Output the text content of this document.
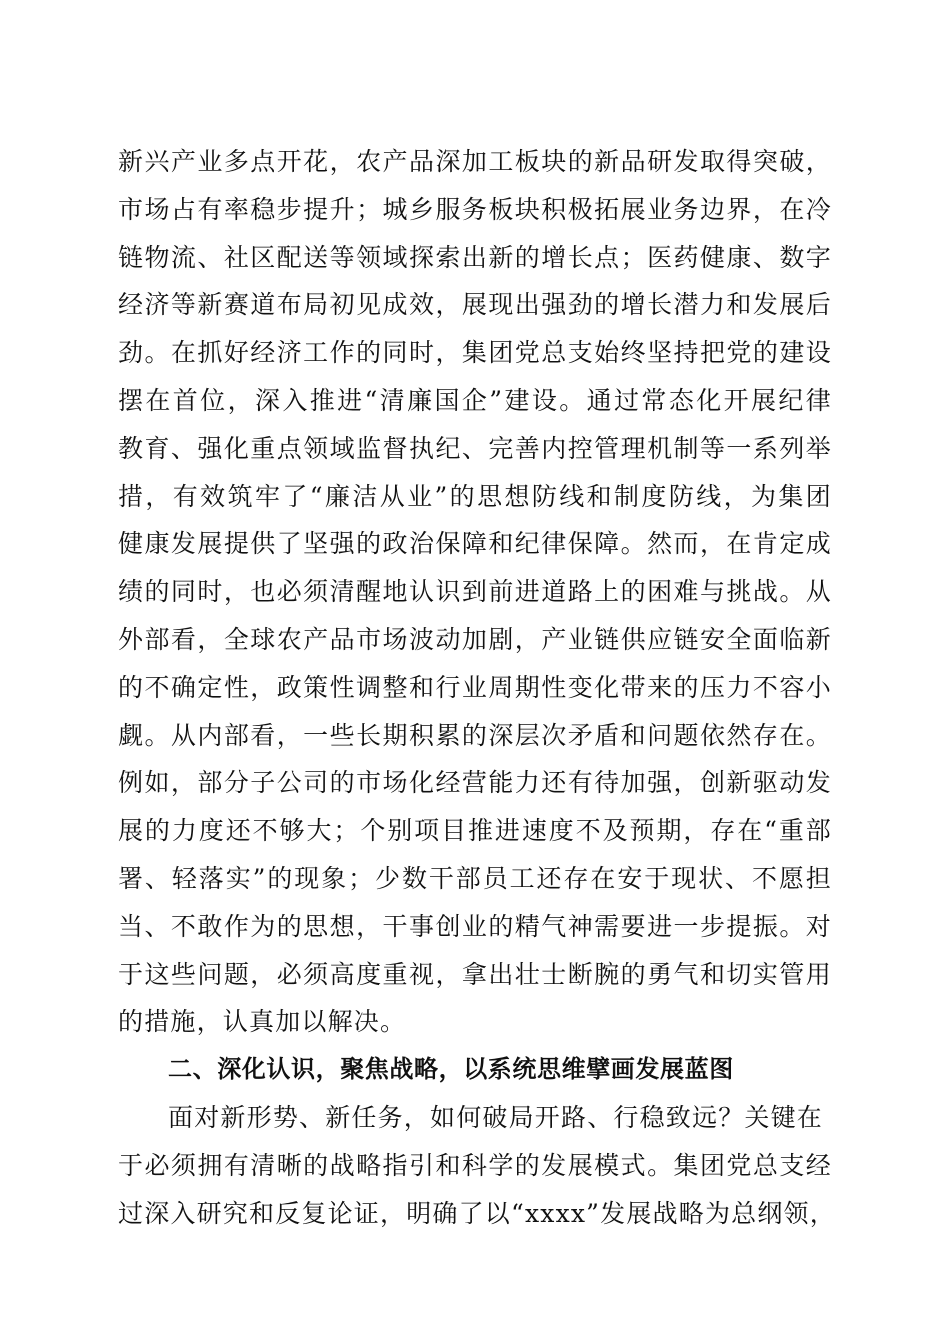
新兴产业多点开花，农产品深加工板块的新品研发取得突破，
市场占有率稳步提升；城乡服务板块积极拓展业务边界，在冷
链物流、社区配送等领域探索出新的增长点；医药健康、数字
经济等新赛道布局初见成效，展现出强劲的增长潜力和发展后
劲。在抓好经济工作的同时，集团党总支始终坚持把党的建设
摆在首位，深入推进“清廉国企”建设。通过常态化开展纪律
教育、强化重点领域监督执纪、完善内控管理机制等一系列举
措，有效筑牢了“廉洁从业”的思想防线和制度防线，为集团
健康发展提供了坚强的政治保障和纪律保障。然而，在肯定成
绩的同时，也必须清醒地认识到前进道路上的困难与挑战。从
外部看，全球农产品市场波动加剧，产业链供应链安全面临新
的不确定性，政策性调整和行业周期性变化带来的压力不容小
觑。从内部看，一些长期积累的深层次矛盾和问题依然存在。
例如，部分子公司的市场化经营能力还有待加强，创新驱动发
展的力度还不够大；个别项目推进速度不及预期，存在“重部
署、轻落实”的现象；少数干部员工还存在安于现状、不愿担
当、不敢作为的思想，干事创业的精气神需要进一步提振。对
于这些问题，必须高度重视，拿出壮士断腕的勇气和切实管用
的措施，认真加以解决。
二、深化认识，聚焦战略，以系统思维擘画发展蓝图
面对新形势、新任务，如何破局开路、行稳致远？关键在
于必须拥有清晰的战略指引和科学的发展模式。集团党总支经
过深入研究和反复论证，明确了以“xxxx”发展战略为总纲领，
